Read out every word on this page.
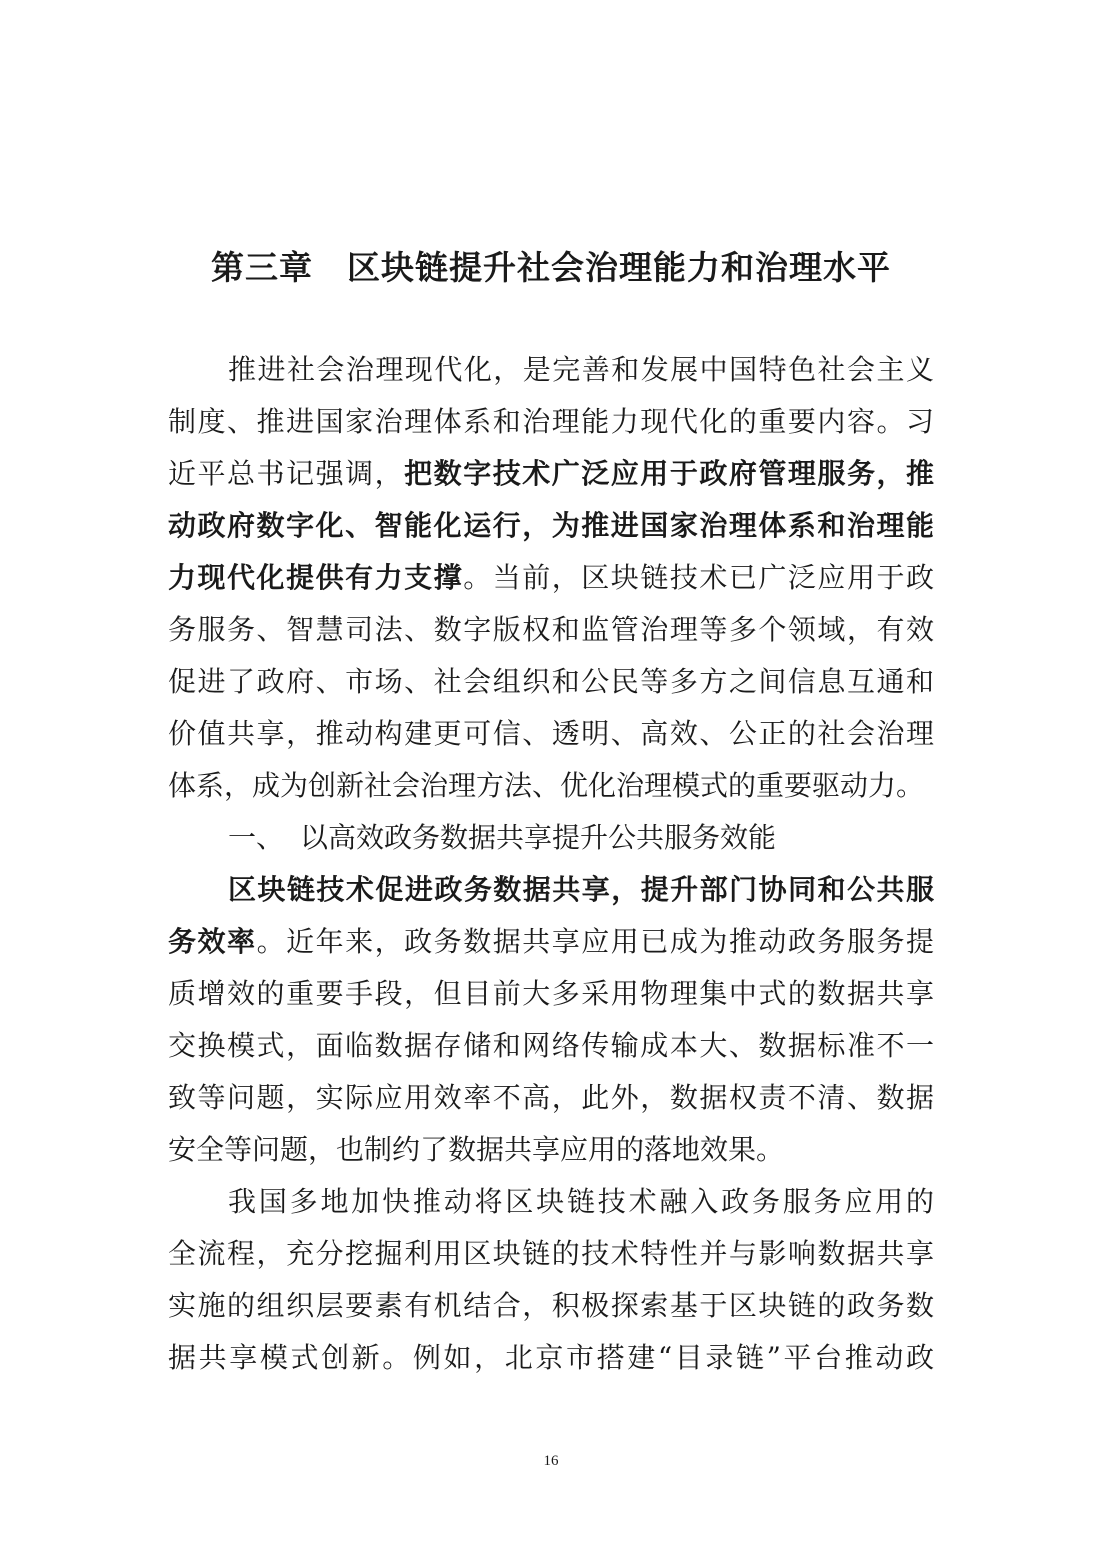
第三章 区块链提升社会治理能力和治理水平
推进社会治理现代化，是完善和发展中国特色社会主义
制度、推进国家治理体系和治理能力现代化的重要内容。习
近平总书记强调，把数字技术广泛应用于政府管理服务，推
动政府数字化、智能化运行，为推进国家治理体系和治理能
力现代化提供有力支撑。当前，区块链技术已广泛应用于政
务服务、智慧司法、数字版权和监管治理等多个领域，有效
促进了政府、市场、社会组织和公民等多方之间信息互通和
价值共享，推动构建更可信、透明、高效、公正的社会治理
体系，成为创新社会治理方法、优化治理模式的重要驱动力。
一、 以高效政务数据共享提升公共服务效能
区块链技术促进政务数据共享，提升部门协同和公共服
务效率。近年来，政务数据共享应用已成为推动政务服务提
质增效的重要手段，但目前大多采用物理集中式的数据共享
交换模式，面临数据存储和网络传输成本大、数据标准不一
致等问题，实际应用效率不高，此外，数据权责不清、数据
安全等问题，也制约了数据共享应用的落地效果。
我国多地加快推动将区块链技术融入政务服务应用的
全流程，充分挖掘利用区块链的技术特性并与影响数据共享
实施的组织层要素有机结合，积极探索基于区块链的政务数
据共享模式创新。例如，北京市搭建“目录链”平台推动政
16
